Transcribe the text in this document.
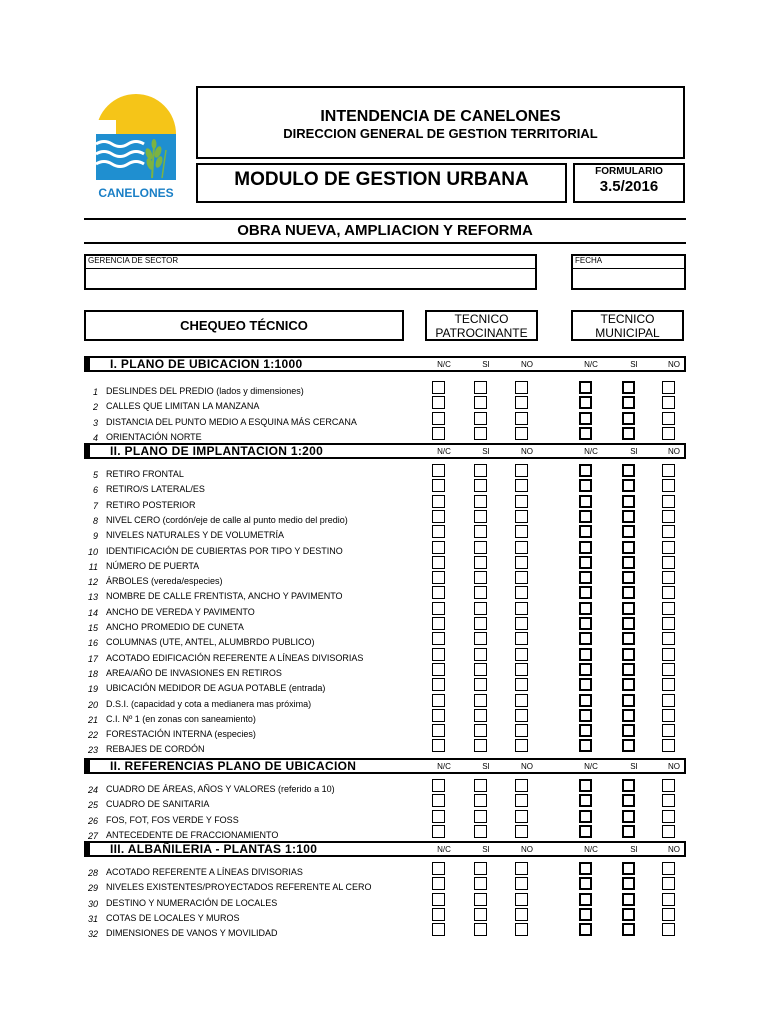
CANELONES
INTENDENCIA DE CANELONES
DIRECCION GENERAL DE GESTION TERRITORIAL
MODULO DE GESTION URBANA	FORMULARIO
3.5/2016
OBRA NUEVA, AMPLIACION Y REFORMA
GERENCIA DE SECTOR	FECHA
CHEQUEO TÉCNICO	TECNICO
PATROCINANTE
TECNICO
MUNICIPAL
I. PLANO DE UBICACION 1:1000	N/C	SI	NO	N/C	SI	NO
1 DESLINDES DEL PREDIO (lados y dimensiones)
2 CALLES QUE LIMITAN LA MANZANA
3 DISTANCIA DEL PUNTO MEDIO A ESQUINA MÁS CERCANA
4 ORIENTACIÓN NORTE
II. PLANO DE IMPLANTACION 1:200	N/C	SI	NO	N/C	SI	NO
5 RETIRO FRONTAL
6 RETIRO/S LATERAL/ES
7 RETIRO POSTERIOR
8 NIVEL CERO (cordón/eje de calle al punto medio del predio)
9 NIVELES NATURALES Y DE VOLUMETRÍA
10 IDENTIFICACIÓN DE CUBIERTAS POR TIPO Y DESTINO
11 NÚMERO DE PUERTA
12 ÁRBOLES (vereda/especies)
13 NOMBRE DE CALLE FRENTISTA, ANCHO Y PAVIMENTO
14 ANCHO DE VEREDA Y PAVIMENTO
15 ANCHO PROMEDIO DE CUNETA
16 COLUMNAS (UTE, ANTEL, ALUMBRDO PUBLICO)
17 ACOTADO EDIFICACIÓN REFERENTE A LÍNEAS DIVISORIAS
18 AREA/AÑO DE INVASIONES EN RETIROS
19 UBICACIÓN MEDIDOR DE AGUA POTABLE (entrada)
20 D.S.I. (capacidad y cota a medianera mas próxima)
21 C.I. Nº 1 (en zonas con saneamiento)
22 FORESTACIÓN INTERNA (especies)
23 REBAJES DE CORDÓN
II. REFERENCIAS PLANO DE UBICACION	N/C	SI	NO	N/C	SI	NO
24 CUADRO DE ÁREAS, AÑOS Y VALORES (referido a 10)
25 CUADRO DE SANITARIA
26 FOS, FOT, FOS VERDE Y FOSS
27 ANTECEDENTE DE FRACCIONAMIENTO
III. ALBAÑILERIA - PLANTAS 1:100	N/C	SI	NO	N/C	SI	NO
28 ACOTADO REFERENTE A LÍNEAS DIVISORIAS
29 NIVELES EXISTENTES/PROYECTADOS REFERENTE AL CERO
30 DESTINO Y NUMERACIÓN DE LOCALES
31 COTAS DE LOCALES Y MUROS
32 DIMENSIONES DE VANOS Y MOVILIDAD
